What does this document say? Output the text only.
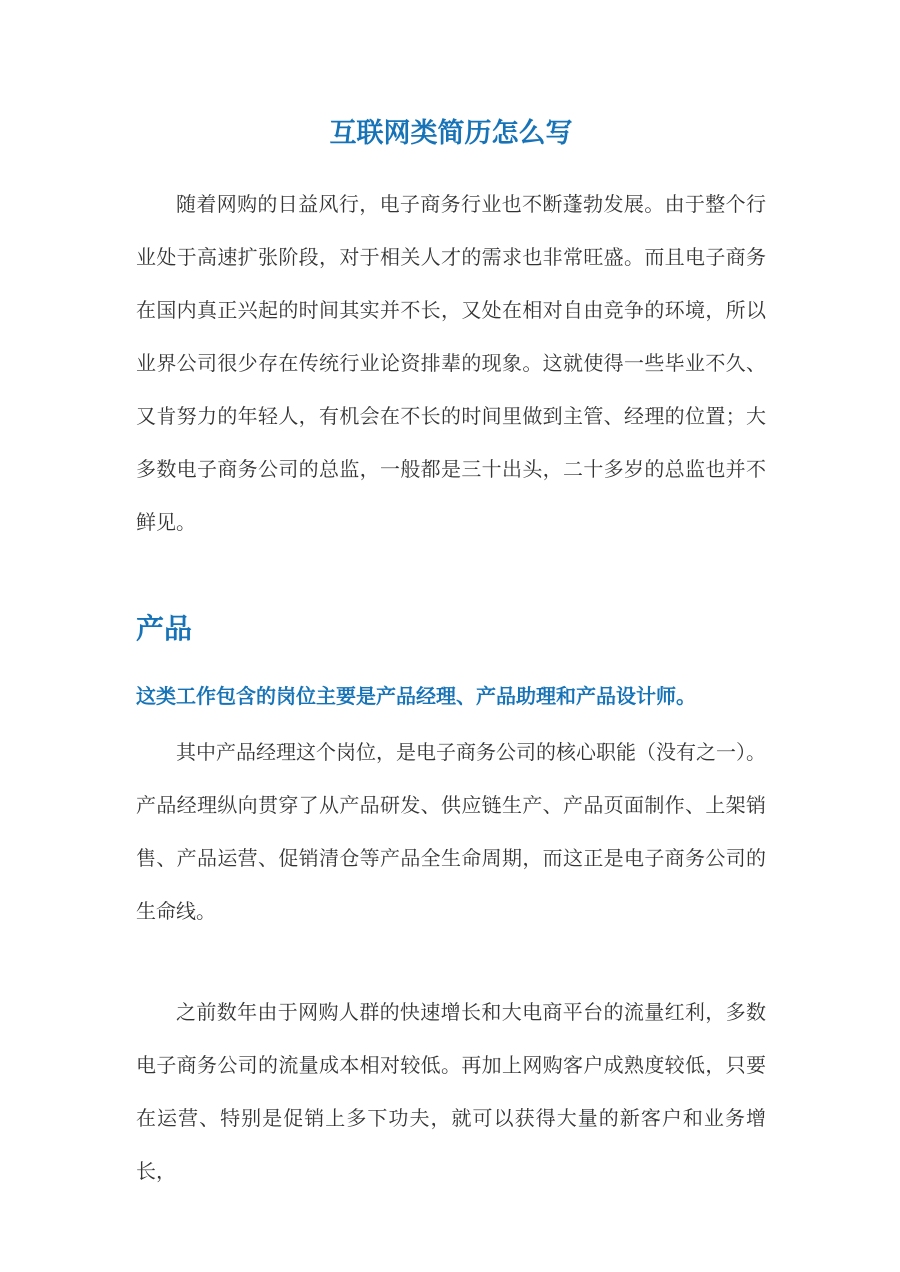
互联网类简历怎么写

随着网购的日益风行，电子商务行业也不断蓬勃发展。由于整个行业处于高速扩张阶段，对于相关人才的需求也非常旺盛。而且电子商务在国内真正兴起的时间其实并不长，又处在相对自由竞争的环境，所以业界公司很少存在传统行业论资排辈的现象。这就使得一些毕业不久、又肯努力的年轻人，有机会在不长的时间里做到主管、经理的位置；大多数电子商务公司的总监，一般都是三十出头，二十多岁的总监也并不鲜见。

产品
这类工作包含的岗位主要是产品经理、产品助理和产品设计师。

其中产品经理这个岗位，是电子商务公司的核心职能（没有之一）。产品经理纵向贯穿了从产品研发、供应链生产、产品页面制作、上架销售、产品运营、促销清仓等产品全生命周期，而这正是电子商务公司的生命线。

之前数年由于网购人群的快速增长和大电商平台的流量红利，多数电子商务公司的流量成本相对较低。再加上网购客户成熟度较低，只要在运营、特别是促销上多下功夫，就可以获得大量的新客户和业务增长，
